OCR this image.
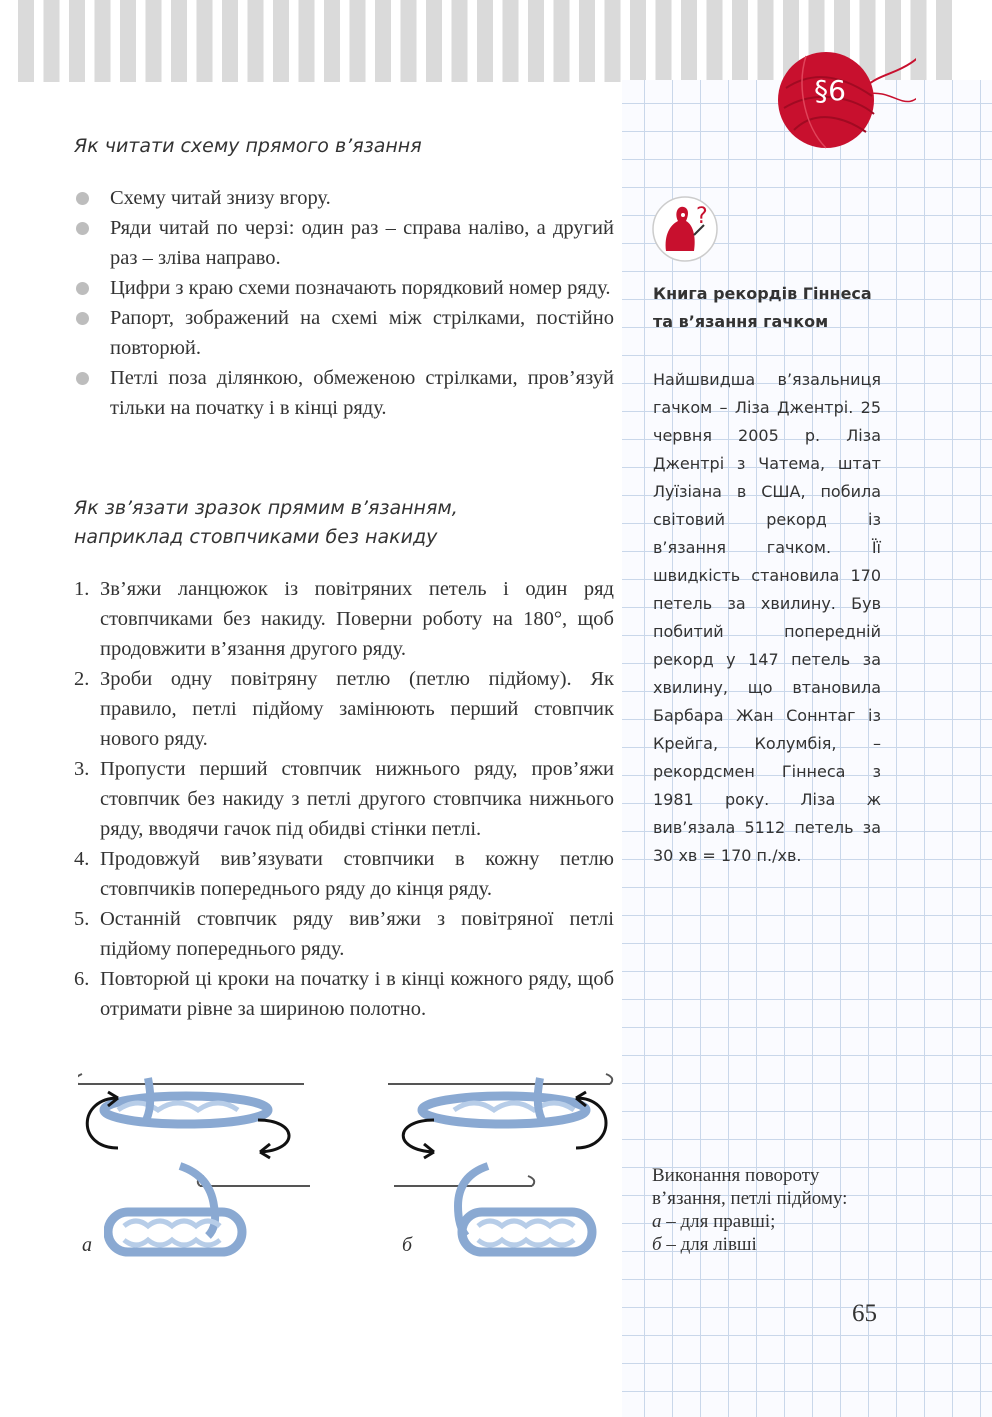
§6
?
Як читати схему прямого в’язання
Схему читай знизу вгору.
Ряди читай по черзі: один раз – справа наліво, а другий раз – зліва направо.
Цифри з краю схеми позначають порядковий номер ряду.
Рапорт, зображений на схемі між стрілками, постійно повторюй.
Петлі поза ділянкою, обмеженою стрілками, пров’язуй тільки на початку і в кінці ряду.
Як зв’язати зразок прямим в’язанням, наприклад стовпчиками без накиду
1. Зв’яжи ланцюжок із повітряних петель і один ряд стовпчиками без накиду. Поверни роботу на 180°, щоб продовжити в’язання другого ряду.
2. Зроби одну повітряну петлю (петлю підйому). Як правило, петлі підйому замінюють перший стовпчик нового ряду.
3. Пропусти перший стовпчик нижнього ряду, пров’яжи стовпчик без накиду з петлі другого стовпчика нижнього ряду, вводячи гачок під обидві стінки петлі.
4. Продовжуй вив’язувати стовпчики в кожну петлю стовпчиків попереднього ряду до кінця ряду.
5. Останній стовпчик ряду вив’яжи з повітряної петлі підйому попереднього ряду.
6. Повторюй ці кроки на початку і в кінці кожного ряду, щоб отримати рівне за шириною полотно.
Книга рекордів Гіннеса та в’язання гачком
Найшвидша в’язальниця гачком – Ліза Джентрі. 25 червня 2005 р. Ліза Джентрі з Чатема, штат Луїзіана в США, побила світовий рекорд із в’язання гачком. Її швидкість становила 170 петель за хвилину. Був побитий попередній рекорд у 147 петель за хвилину, що втановила Барбара Жан Соннтаг із Крейга, Колумбія, – рекордсмен Гіннеса з 1981 року. Ліза ж вив’язала 5112 петель за 30 хв = 170 п./хв.
а	б
Виконання повороту в’язання, петлі підйому:
а – для правші;
б – для лівші
65
